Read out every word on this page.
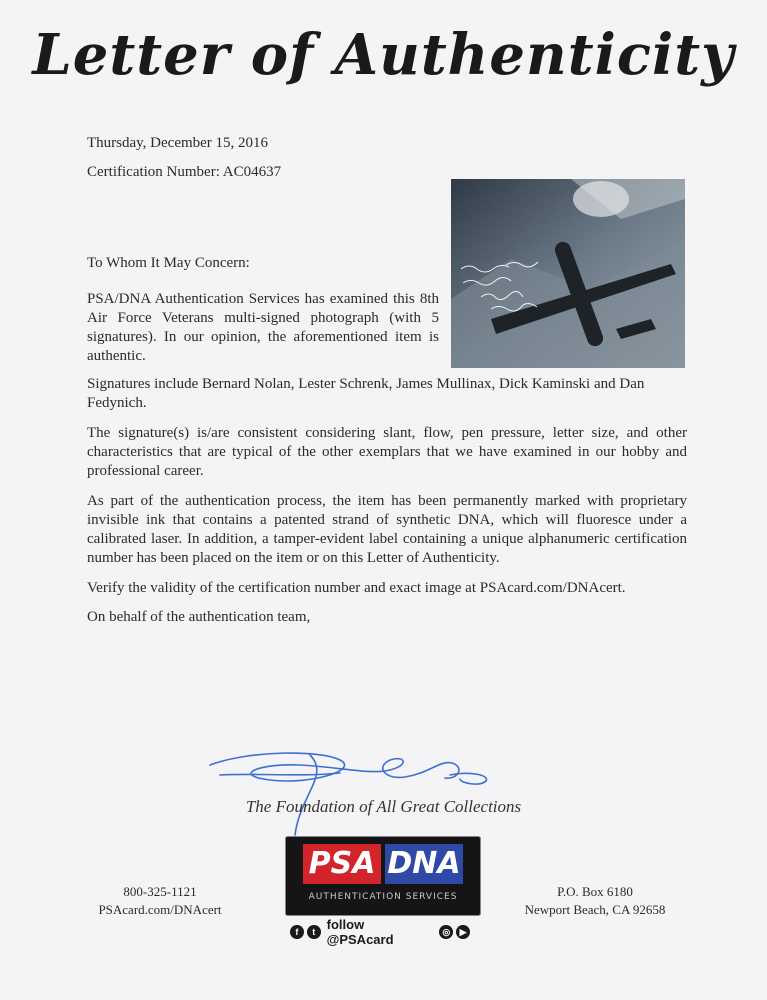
Letter of Authenticity
Thursday, December 15, 2016
Certification Number: AC04637
To Whom It May Concern:
PSA/DNA Authentication Services has examined this 8th Air Force Veterans multi-signed photograph (with 5 signatures). In our opinion, the aforementioned item is authentic.
Signatures include Bernard Nolan, Lester Schrenk, James Mullinax, Dick Kaminski and Dan Fedynich.
The signature(s) is/are consistent considering slant, flow, pen pressure, letter size, and other characteristics that are typical of the other exemplars that we have examined in our hobby and professional career.
As part of the authentication process, the item has been permanently marked with proprietary invisible ink that contains a patented strand of synthetic DNA, which will fluoresce under a calibrated laser. In addition, a tamper-evident label containing a unique alphanumeric certification number has been placed on the item or on this Letter of Authenticity.
Verify the validity of the certification number and exact image at PSAcard.com/DNAcert.
On behalf of the authentication team,
The Foundation of All Great Collections
PSA DNA
AUTHENTICATION SERVICES
800-325-1121
PSAcard.com/DNAcert
P.O. Box 6180
Newport Beach, CA 92658
f	t follow @PSAcard	◎	▶
